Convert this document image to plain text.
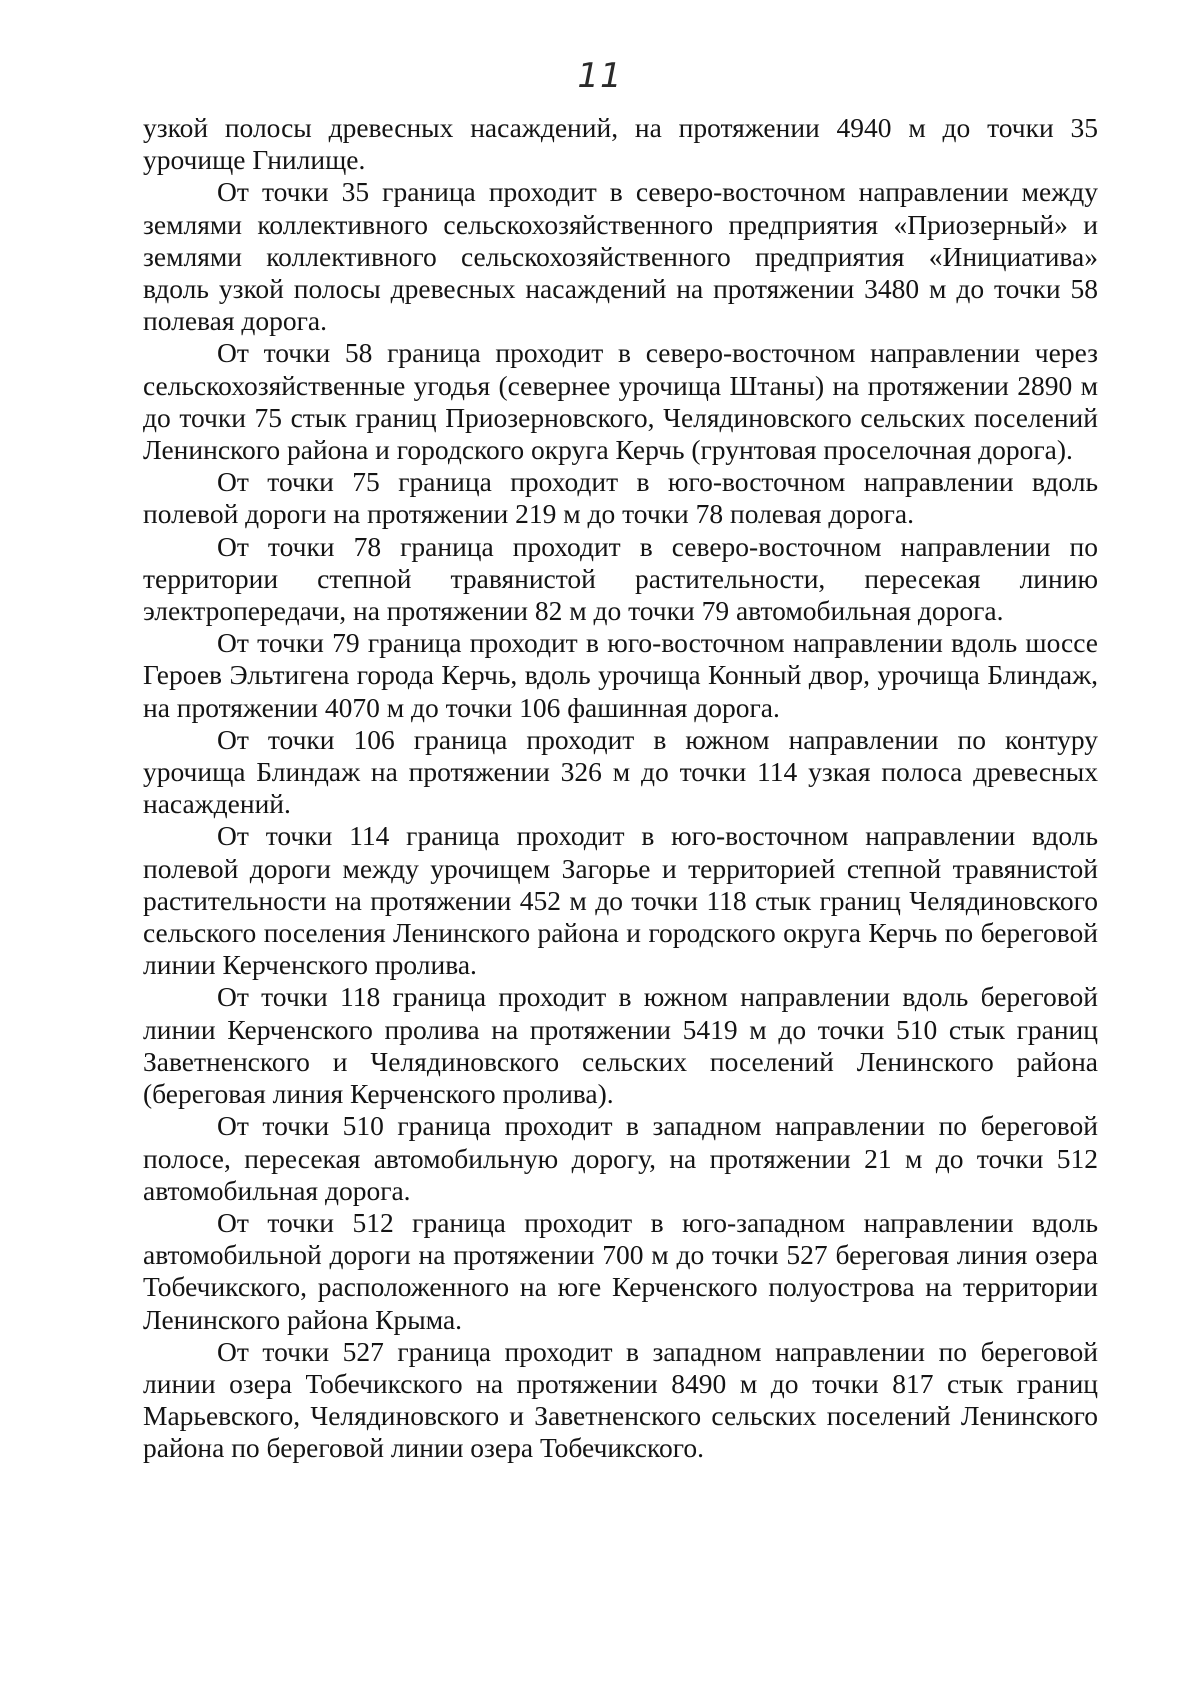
11

узкой полосы древесных насаждений, на протяжении 4940 м до точки 35 урочище Гнилище.

От точки 35 граница проходит в северо-восточном направлении между землями коллективного сельскохозяйственного предприятия «Приозерный» и землями коллективного сельскохозяйственного предприятия «Инициатива» вдоль узкой полосы древесных насаждений на протяжении 3480 м до точки 58 полевая дорога.

От точки 58 граница проходит в северо-восточном направлении через сельскохозяйственные угодья (севернее урочища Штаны) на протяжении 2890 м до точки 75 стык границ Приозерновского, Челядиновского сельских поселений Ленинского района и городского округа Керчь (грунтовая проселочная дорога).

От точки 75 граница проходит в юго-восточном направлении вдоль полевой дороги на протяжении 219 м до точки 78 полевая дорога.

От точки 78 граница проходит в северо-восточном направлении по территории степной травянистой растительности, пересекая линию электропередачи, на протяжении 82 м до точки 79 автомобильная дорога.

От точки 79 граница проходит в юго-восточном направлении вдоль шоссе Героев Эльтигена города Керчь, вдоль урочища Конный двор, урочища Блиндаж, на протяжении 4070 м до точки 106 фашинная дорога.

От точки 106 граница проходит в южном направлении по контуру урочища Блиндаж на протяжении 326 м до точки 114 узкая полоса древесных насаждений.

От точки 114 граница проходит в юго-восточном направлении вдоль полевой дороги между урочищем Загорье и территорией степной травянистой растительности на протяжении 452 м до точки 118 стык границ Челядиновского сельского поселения Ленинского района и городского округа Керчь по береговой линии Керченского пролива.

От точки 118 граница проходит в южном направлении вдоль береговой линии Керченского пролива на протяжении 5419 м до точки 510 стык границ Заветненского и Челядиновского сельских поселений Ленинского района (береговая линия Керченского пролива).

От точки 510 граница проходит в западном направлении по береговой полосе, пересекая автомобильную дорогу, на протяжении 21 м до точки 512 автомобильная дорога.

От точки 512 граница проходит в юго-западном направлении вдоль автомобильной дороги на протяжении 700 м до точки 527 береговая линия озера Тобечикского, расположенного на юге Керченского полуострова на территории Ленинского района Крыма.

От точки 527 граница проходит в западном направлении по береговой линии озера Тобечикского на протяжении 8490 м до точки 817 стык границ Марьевского, Челядиновского и Заветненского сельских поселений Ленинского района по береговой линии озера Тобечикского.
